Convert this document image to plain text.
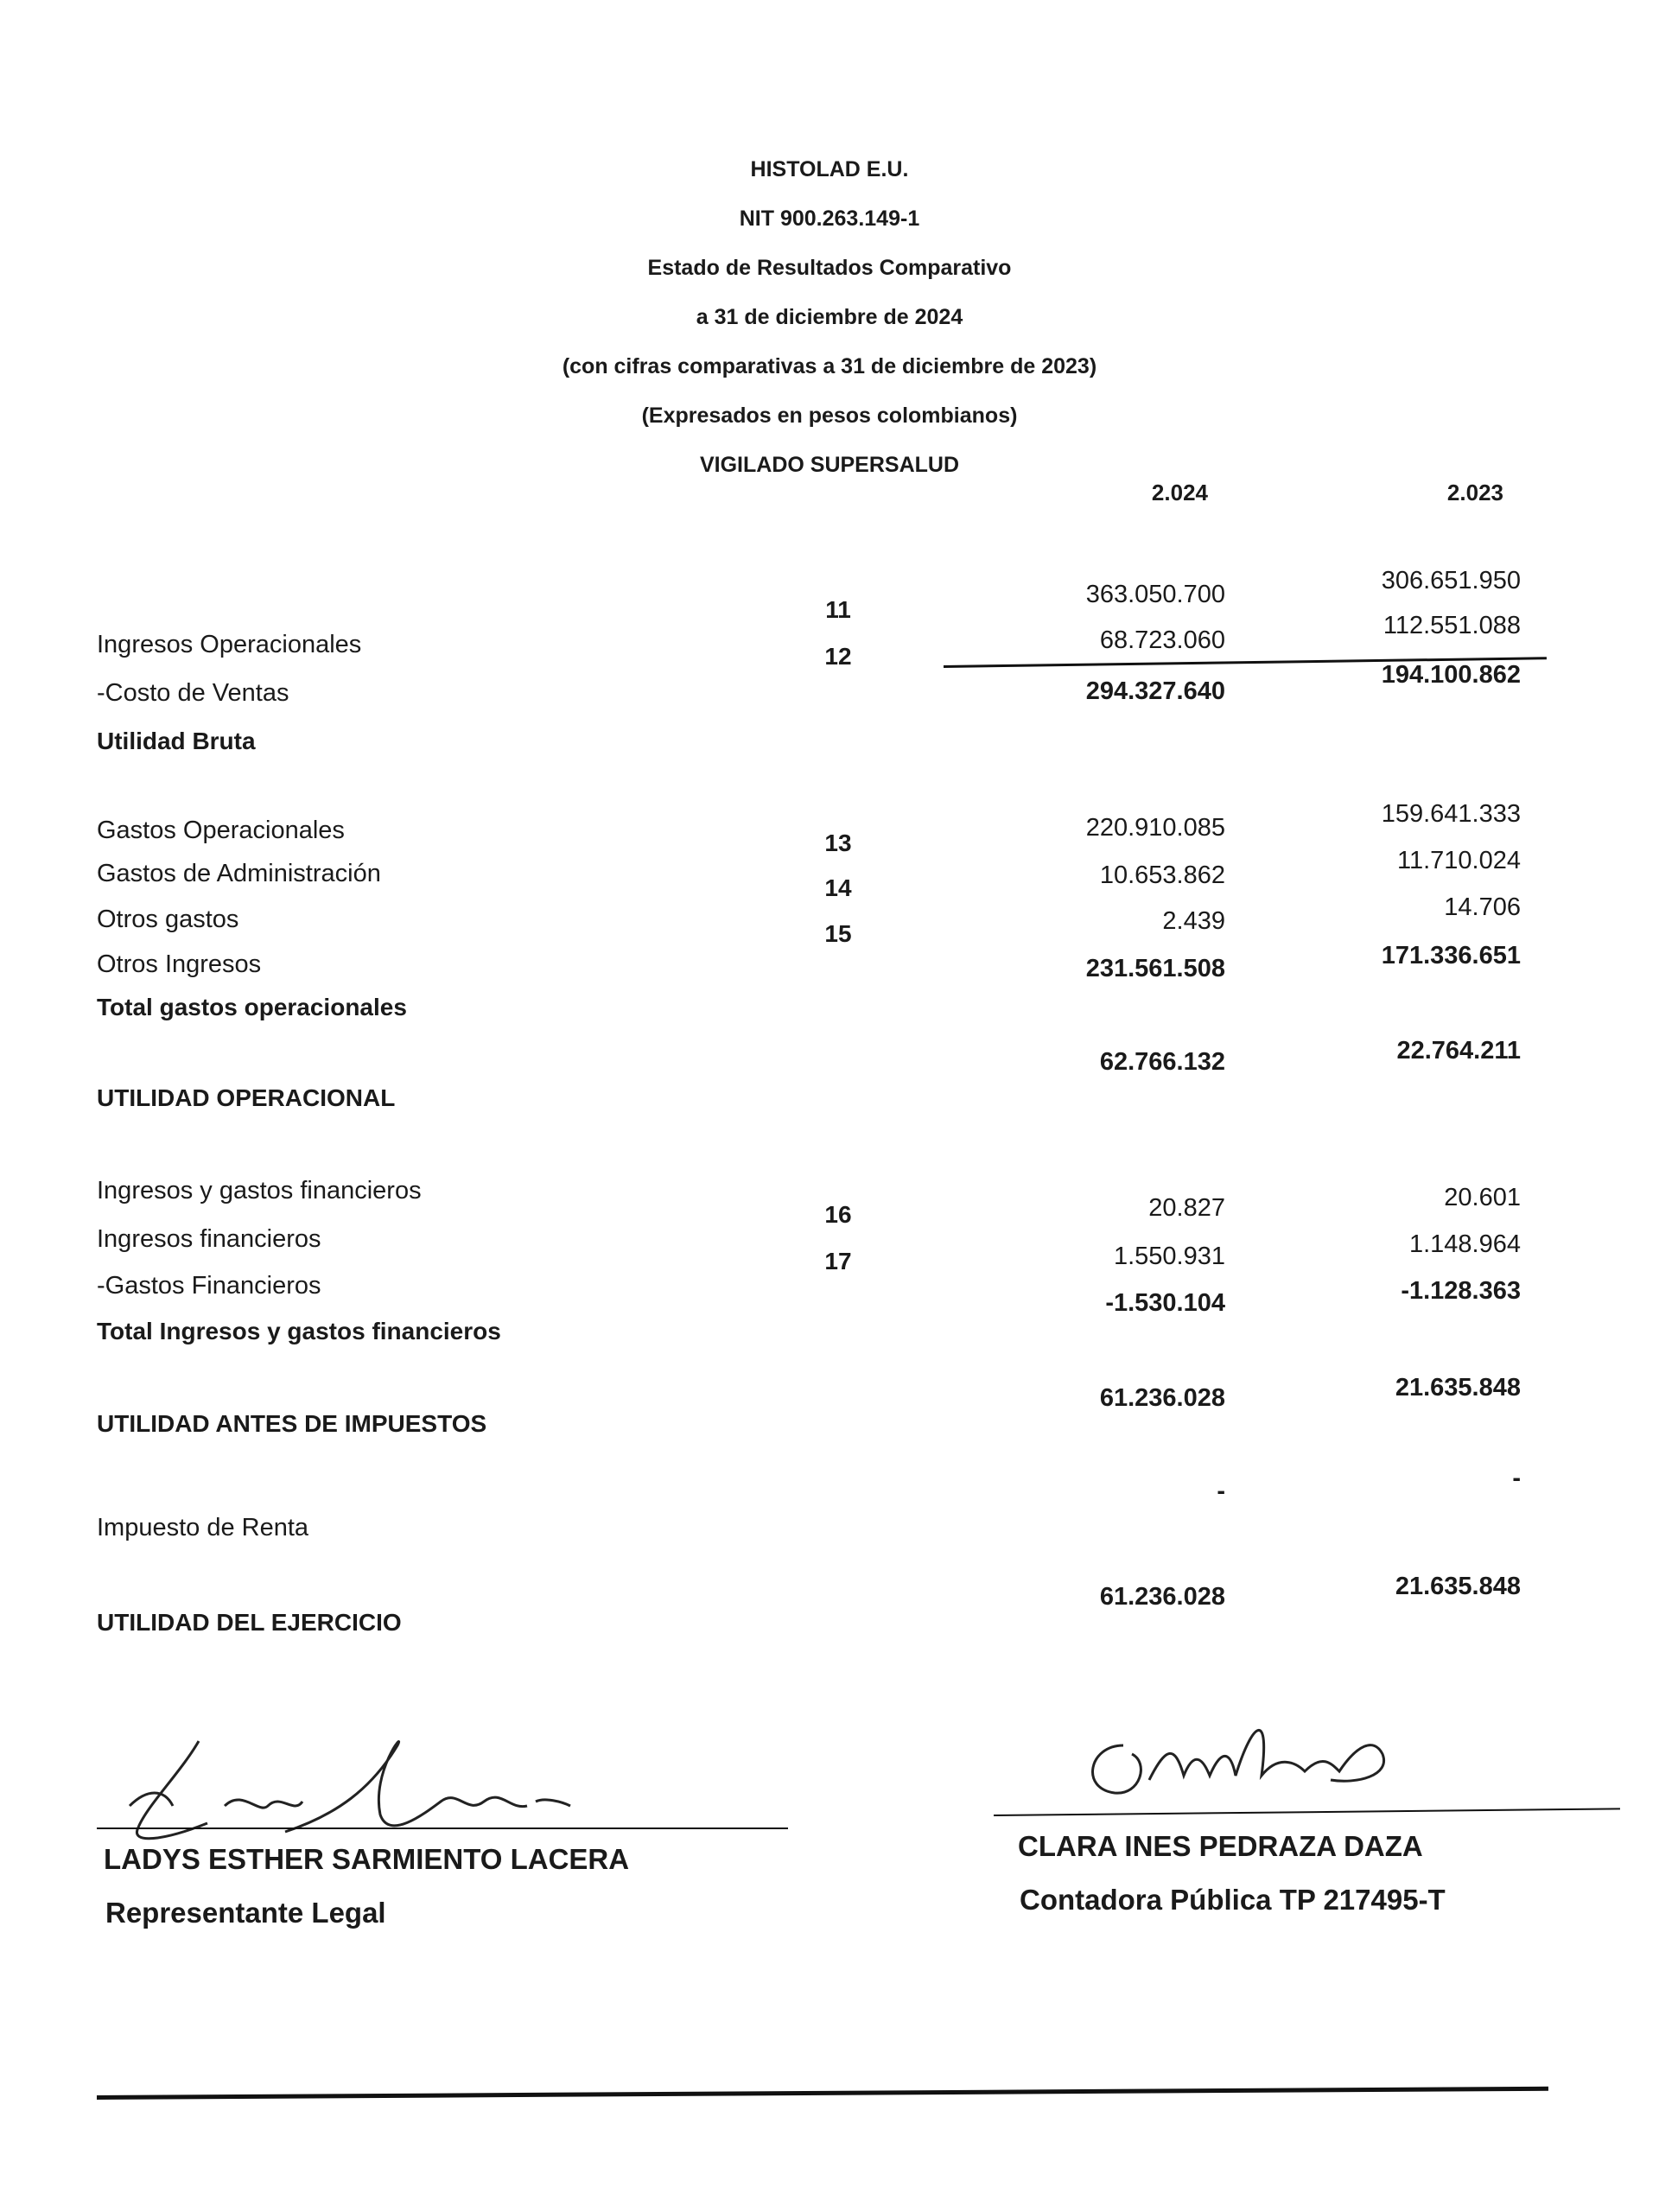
HISTOLAD E.U.
NIT 900.263.149-1
Estado de Resultados Comparativo
a 31 de diciembre de 2024
(con cifras comparativas a 31 de diciembre de 2023)
(Expresados en pesos colombianos)
VIGILADO SUPERSALUD
2.024	2.023
Ingresos Operacionales
-Costo de Ventas
Utilidad Bruta
Gastos Operacionales
Gastos de Administración
Otros gastos
Otros Ingresos
Total gastos operacionales
UTILIDAD OPERACIONAL
Ingresos y gastos financieros
Ingresos financieros
-Gastos Financieros
Total Ingresos y gastos financieros
UTILIDAD ANTES DE IMPUESTOS
Impuesto de Renta
UTILIDAD DEL EJERCICIO
11
12
13
14
15
16
17
363.050.700
68.723.060
294.327.640
220.910.085
10.653.862
2.439
231.561.508
62.766.132
20.827
1.550.931
-1.530.104
61.236.028
-
61.236.028
306.651.950
112.551.088
194.100.862
159.641.333
11.710.024
14.706
171.336.651
22.764.211
20.601
1.148.964
-1.128.363
21.635.848
-
21.635.848
LADYS ESTHER SARMIENTO LACERA
Representante Legal
CLARA INES PEDRAZA DAZA
Contadora Pública TP 217495-T
